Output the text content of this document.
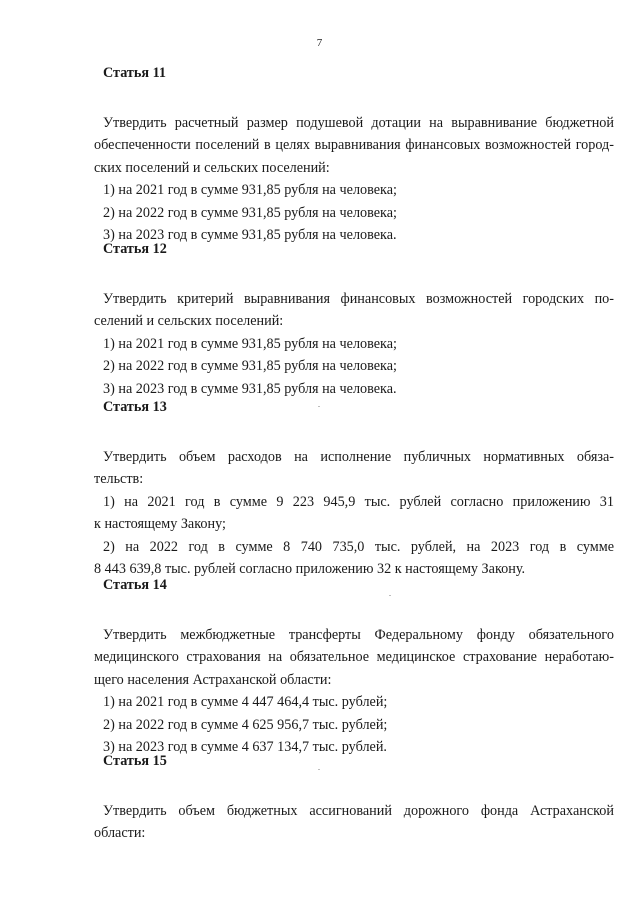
7
Статья 11
Утвердить расчетный размер подушевой дотации на выравнивание бюджетной
обеспеченности поселений в целях выравнивания финансовых возможностей город-
ских поселений и сельских поселений:
1) на 2021 год в сумме 931,85 рубля на человека;
2) на 2022 год в сумме 931,85 рубля на человека;
3) на 2023 год в сумме 931,85 рубля на человека.
Статья 12
Утвердить критерий выравнивания финансовых возможностей городских по-
селений и сельских поселений:
1) на 2021 год в сумме 931,85 рубля на человека;
2) на 2022 год в сумме 931,85 рубля на человека;
3) на 2023 год в сумме 931,85 рубля на человека.
Статья 13
Утвердить объем расходов на исполнение публичных нормативных обяза-
тельств:
1) на 2021 год в сумме 9 223 945,9 тыс. рублей согласно приложению 31
к настоящему Закону;
2) на 2022 год в сумме 8 740 735,0 тыс. рублей, на 2023 год в сумме
8 443 639,8 тыс. рублей согласно приложению 32 к настоящему Закону.
Статья 14
Утвердить межбюджетные трансферты Федеральному фонду обязательного
медицинского страхования на обязательное медицинское страхование неработаю-
щего населения Астраханской области:
1) на 2021 год в сумме 4 447 464,4 тыс. рублей;
2) на 2022 год в сумме 4 625 956,7 тыс. рублей;
3) на 2023 год в сумме 4 637 134,7 тыс. рублей.
Статья 15
Утвердить объем бюджетных ассигнований дорожного фонда Астраханской
области:
